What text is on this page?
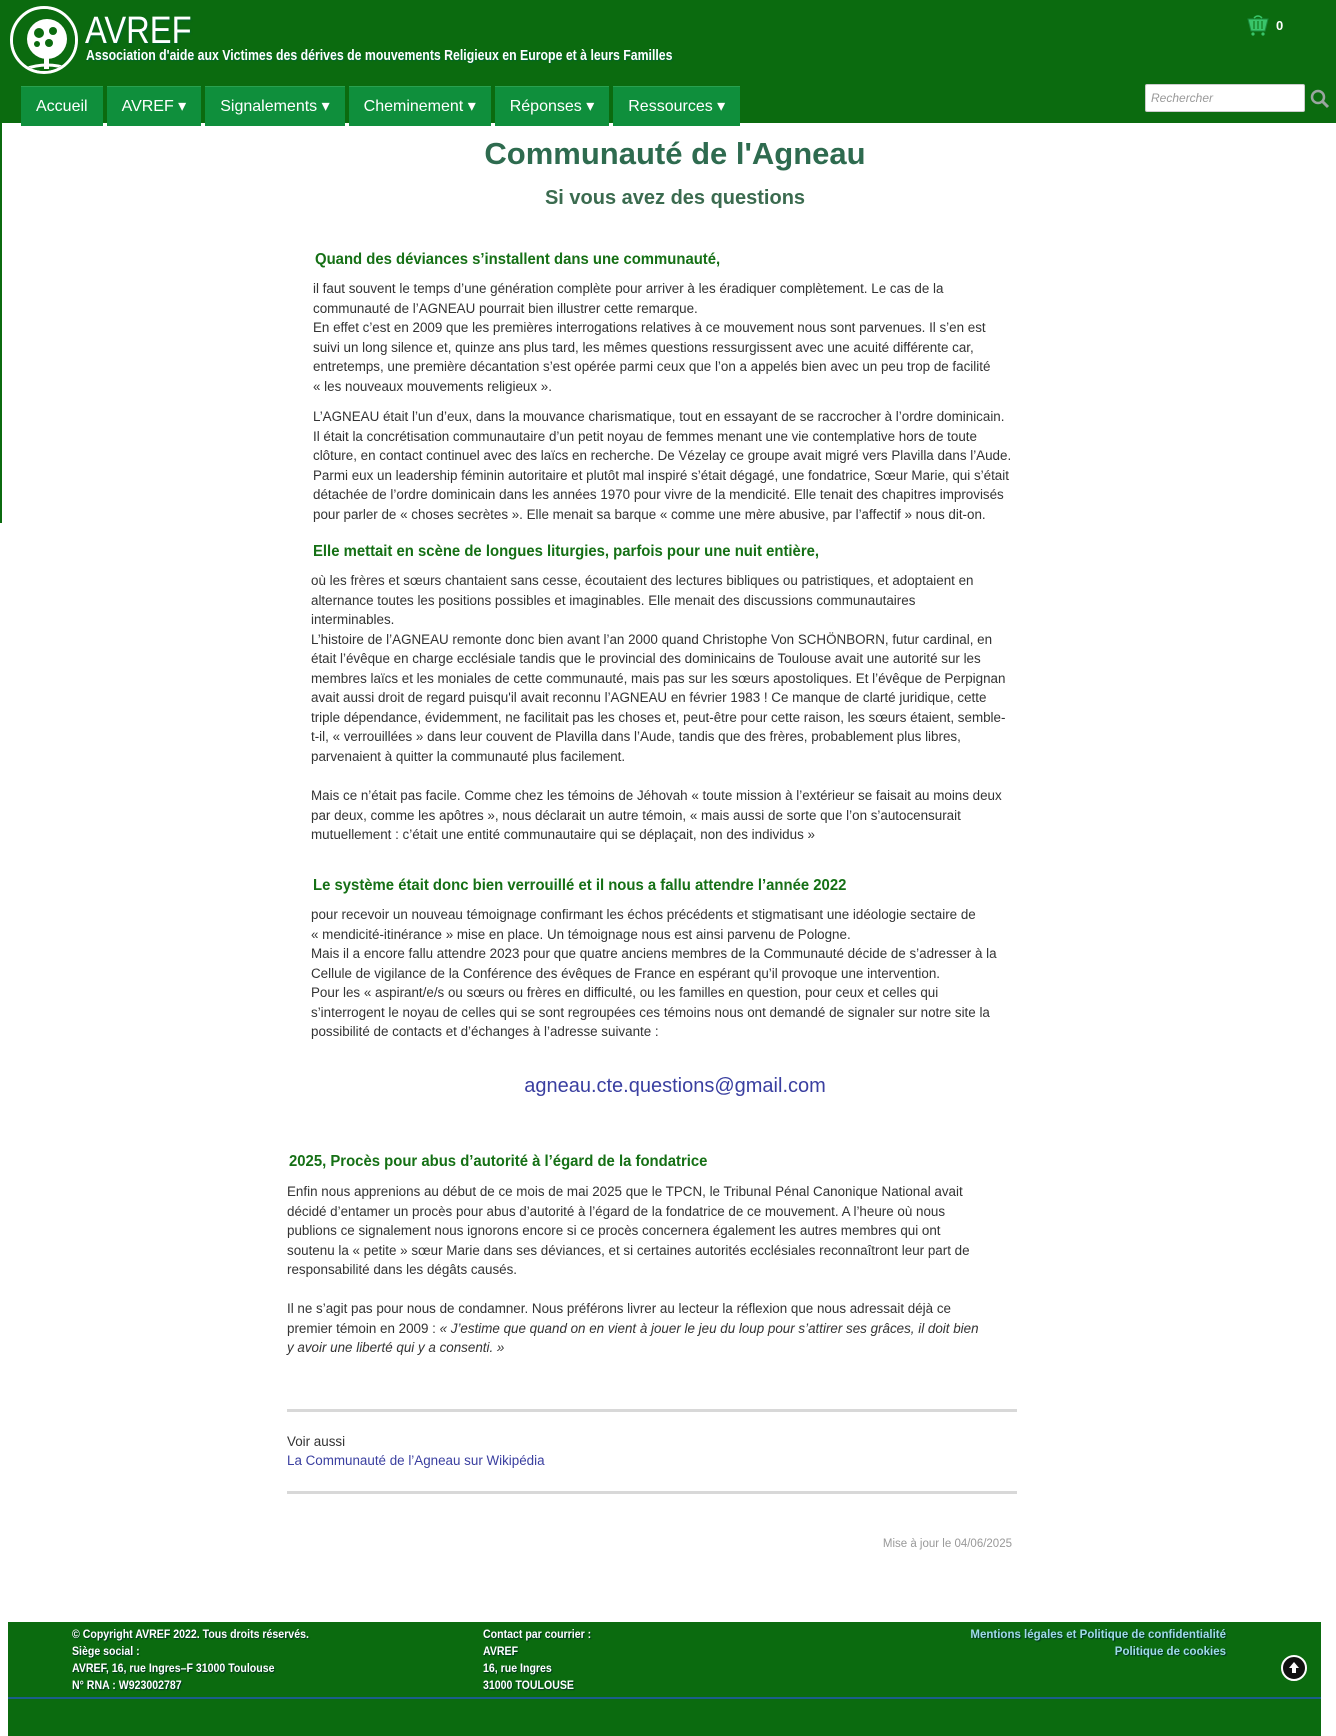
AVREF
Association d'aide aux Victimes des dérives de mouvements Religieux en Europe et à leurs Familles
0
Accueil	AVREF ▾	Signalements ▾	Cheminement ▾	Réponses ▾	Ressources ▾	Rechercher
Communauté de l'Agneau
Si vous avez des questions
Quand des déviances s’installent dans une communauté,
il faut souvent le temps d’une génération complète pour arriver à les éradiquer complètement. Le cas de la
communauté de l’AGNEAU pourrait bien illustrer cette remarque.
En effet c’est en 2009 que les premières interrogations relatives à ce mouvement nous sont parvenues. Il s’en est
suivi un long silence et, quinze ans plus tard, les mêmes questions ressurgissent avec une acuité différente car,
entretemps, une première décantation s’est opérée parmi ceux que l’on a appelés bien avec un peu trop de facilité
« les nouveaux mouvements religieux ».
L’AGNEAU était l’un d’eux, dans la mouvance charismatique, tout en essayant de se raccrocher à l’ordre dominicain.
Il était la concrétisation communautaire d’un petit noyau de femmes menant une vie contemplative hors de toute
clôture, en contact continuel avec des laïcs en recherche. De Vézelay ce groupe avait migré vers Plavilla dans l’Aude.
Parmi eux un leadership féminin autoritaire et plutôt mal inspiré s’était dégagé, une fondatrice, Sœur Marie, qui s’était
détachée de l’ordre dominicain dans les années 1970 pour vivre de la mendicité. Elle tenait des chapitres improvisés
pour parler de « choses secrètes ». Elle menait sa barque « comme une mère abusive, par l’affectif » nous dit-on.
Elle mettait en scène de longues liturgies, parfois pour une nuit entière,
où les frères et sœurs chantaient sans cesse, écoutaient des lectures bibliques ou patristiques, et adoptaient en
alternance toutes les positions possibles et imaginables. Elle menait des discussions communautaires
interminables.
L’histoire de l’AGNEAU remonte donc bien avant l’an 2000 quand Christophe Von SCHÖNBORN, futur cardinal, en
était l’évêque en charge ecclésiale tandis que le provincial des dominicains de Toulouse avait une autorité sur les
membres laïcs et les moniales de cette communauté, mais pas sur les sœurs apostoliques. Et l’évêque de Perpignan
avait aussi droit de regard puisqu'il avait reconnu l’AGNEAU en février 1983 ! Ce manque de clarté juridique, cette
triple dépendance, évidemment, ne facilitait pas les choses et, peut-être pour cette raison, les sœurs étaient, semble-
t-il, « verrouillées » dans leur couvent de Plavilla dans l’Aude, tandis que des frères, probablement plus libres,
parvenaient à quitter la communauté plus facilement.
Mais ce n’était pas facile. Comme chez les témoins de Jéhovah « toute mission à l’extérieur se faisait au moins deux
par deux, comme les apôtres », nous déclarait un autre témoin, « mais aussi de sorte que l’on s’autocensurait
mutuellement : c’était une entité communautaire qui se déplaçait, non des individus »
Le système était donc bien verrouillé et il nous a fallu attendre l’année 2022
pour recevoir un nouveau témoignage confirmant les échos précédents et stigmatisant une idéologie sectaire de
« mendicité-itinérance » mise en place. Un témoignage nous est ainsi parvenu de Pologne.
Mais il a encore fallu attendre 2023 pour que quatre anciens membres de la Communauté décide de s’adresser à la
Cellule de vigilance de la Conférence des évêques de France en espérant qu’il provoque une intervention.
Pour les « aspirant/e/s ou sœurs ou frères en difficulté, ou les familles en question, pour ceux et celles qui
s’interrogent le noyau de celles qui se sont regroupées ces témoins nous ont demandé de signaler sur notre site la
possibilité de contacts et d’échanges à l’adresse suivante :
agneau.cte.questions@gmail.com
2025, Procès pour abus d’autorité à l’égard de la fondatrice
Enfin nous apprenions au début de ce mois de mai 2025 que le TPCN, le Tribunal Pénal Canonique National avait
décidé d’entamer un procès pour abus d’autorité à l’égard de la fondatrice de ce mouvement. A l’heure où nous
publions ce signalement nous ignorons encore si ce procès concernera également les autres membres qui ont
soutenu la « petite » sœur Marie dans ses déviances, et si certaines autorités ecclésiales reconnaîtront leur part de
responsabilité dans les dégâts causés.
Il ne s’agit pas pour nous de condamner. Nous préférons livrer au lecteur la réflexion que nous adressait déjà ce
premier témoin en 2009 : « J’estime que quand on en vient à jouer le jeu du loup pour s’attirer ses grâces, il doit bien
y avoir une liberté qui y a consenti. »
Voir aussi
La Communauté de l’Agneau sur Wikipédia
Mise à jour le 04/06/2025
© Copyright AVREF 2022. Tous droits réservés.
Siège social :
AVREF, 16, rue Ingres–F 31000 Toulouse
N° RNA : W923002787
Contact par courrier :
AVREF
16, rue Ingres
31000 TOULOUSE
Mentions légales et Politique de confidentialité
Politique de cookies
